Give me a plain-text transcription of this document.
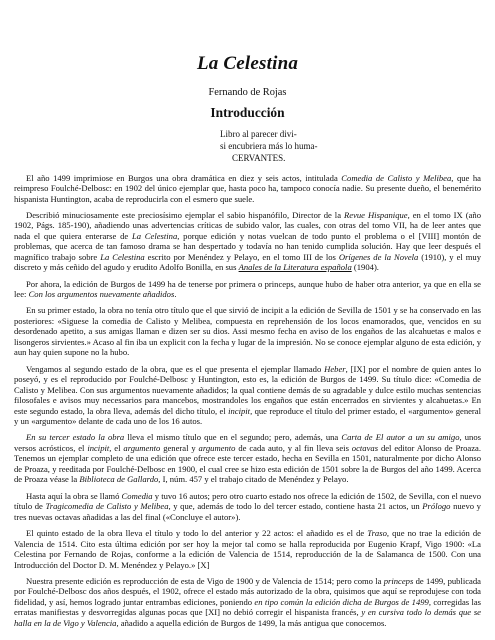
La Celestina
Fernando de Rojas
Introducción
Libro al parecer divi-
si encubriera más lo huma-
CERVANTES.

El año 1499 imprimiose en Burgos una obra dramática en diez y seis actos, intitulada Comedia de Calisto y Melibea, que ha reimpreso Foulché-Delbosc: en 1902 del único ejemplar que, hasta poco ha, tampoco conocía nadie. Su presente dueño, el benemérito hispanista Huntington, acaba de reproducirla con el esmero que suele.

Describió minuciosamente este preciosísimo ejemplar el sabio hispanófilo, Director de la Revue Hispanique, en el tomo IX (año 1902, Págs. 185-190), añadiendo unas advertencias críticas de subido valor, las cuales, con otras del tomo VII, ha de leer antes que nada el que quiera enterarse de La Celestina, porque edición y notas vuelcan de todo punto el problema o el [VIII] montón de problemas, que acerca de tan famoso drama se han despertado y todavía no han tenido cumplida solución. Hay que leer después el magnífico trabajo sobre La Celestina escrito por Menéndez y Pelayo, en el tomo III de los Orígenes de la Novela (1910), y el muy discreto y más ceñido del agudo y erudito Adolfo Bonilla, en sus Anales de la Literatura española (1904).

Por ahora, la edición de Burgos de 1499 ha de tenerse por primera o princeps, aunque hubo de haber otra anterior, ya que en ella se lee: Con los argumentos nuevamente añadidos.

En su primer estado, la obra no tenía otro título que el que sirvió de incipit a la edición de Sevilla de 1501 y se ha conservado en las posteriores: «Siguese la comedia de Calisto y Melibea, compuesta en reprehensión de los locos enamorados, que, vencidos en su desordenado apetito, a sus amigas llaman e dizen ser su dios. Assi mesmo fecha en aviso de los engaños de las alcahuetas e malos e lisongeros sirvientes.» Acaso al fin iba un explicit con la fecha y lugar de la impresión. No se conoce ejemplar alguno de esta edición, y aun hay quien supone no la hubo.

Vengamos al segundo estado de la obra, que es el que presenta el ejemplar llamado Heber, [IX] por el nombre de quien antes lo poseyó, y es el reproducido por Foulché-Delbosc y Huntington, esto es, la edición de Burgos de 1499. Su título dice: «Comedia de Calisto y Melibea. Con sus argumentos nuevamente añadidos; la qual contiene demás de su agradable y dulce estilo muchas sentencias filosofales e avisos muy necessarios para mancebos, mostrandoles los engaños que están encerrados en sirvientes y alcahuetas.» En este segundo estado, la obra lleva, además del dicho título, el incipit, que reproduce el título del primer estado, el «argumento» general y un «argumento» delante de cada uno de los 16 autos.

En su tercer estado la obra lleva el mismo título que en el segundo; pero, además, una Carta de El autor a un su amigo, unos versos acrósticos, el incipit, el argumento general y argumento de cada auto, y al fin lleva seis octavas del editor Alonso de Proaza. Tenemos un ejemplar completo de una edición que ofrece este tercer estado, hecha en Sevilla en 1501, naturalmente por dicho Alonso de Proaza, y reeditada por Foulché-Delbosc en 1900, el cual cree se hizo esta edición de 1501 sobre la de Burgos del año 1499. Acerca de Proaza véase la Biblioteca de Gallardo, I, núm. 457 y el trabajo citado de Menéndez y Pelayo.

Hasta aquí la obra se llamó Comedia y tuvo 16 autos; pero otro cuarto estado nos ofrece la edición de 1502, de Sevilla, con el nuevo título de Tragicomedia de Calisto y Melibea, y que, además de todo lo del tercer estado, contiene hasta 21 actos, un Prólogo nuevo y tres nuevas octavas añadidas a las del final («Concluye el autor»).

El quinto estado de la obra lleva el título y todo lo del anterior y 22 actos: el añadido es el de Traso, que no trae la edición de Valencia de 1514. Cito esta última edición por ser hoy la mejor tal como se halla reproducida por Eugenio Krapf, Vigo 1900: «La Celestina por Fernando de Rojas, conforme a la edición de Valencia de 1514, reproducción de la de Salamanca de 1500. Con una Introducción del Doctor D. M. Menéndez y Pelayo.» [X]

Nuestra presente edición es reproducción de esta de Vigo de 1900 y de Valencia de 1514; pero como la princeps de 1499, publicada por Foulché-Delbosc dos años después, el 1902, ofrece el estado más autorizado de la obra, quisimos que aquí se reprodujese con toda fidelidad, y así, hemos logrado juntar entrambas ediciones, poniendo en tipo común la edición dicha de Burgos de 1499, corregidas las erratas manifiestas y desvorregidas algunas pocas que [XI] no debió corregir el hispanista francés, y en cursiva todo lo demás que se halla en la de Vigo y Valencia, añadido a aquella edición de Burgos de 1499, la más antigua que conocemos.
